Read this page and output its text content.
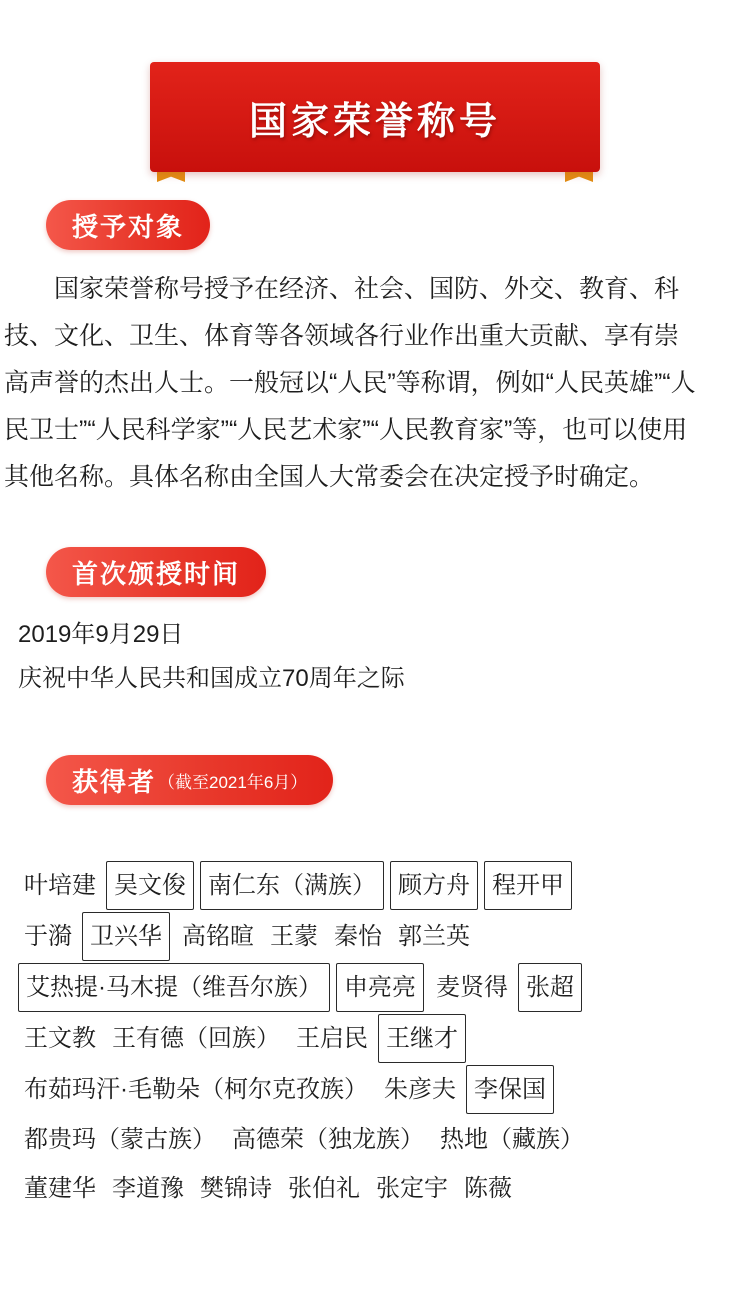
国家荣誉称号
授予对象
国家荣誉称号授予在经济、社会、国防、外交、教育、科技、文化、卫生、体育等各领域各行业作出重大贡献、享有崇高声誉的杰出人士。一般冠以“人民”等称谓，例如“人民英雄”“人民卫士”“人民科学家”“人民艺术家”“人民教育家”等，也可以使用其他名称。具体名称由全国人大常委会在决定授予时确定。
首次颁授时间
2019年9月29日
庆祝中华人民共和国成立70周年之际
获得者 （截至2021年6月）
叶培建 吴文俊 南仁东（满族） 顾方舟 程开甲
于漪 卫兴华 高铭暄 王蒙 秦怡 郭兰英
艾热提·马木提（维吾尔族） 申亮亮 麦贤得 张超
王文教 王有德（回族） 王启民 王继才
布茹玛汗·毛勒朵（柯尔克孜族） 朱彦夫 李保国
都贵玛（蒙古族） 高德荣（独龙族） 热地（藏族）
董建华 李道豫 樊锦诗 张伯礼 张定宇 陈薇
